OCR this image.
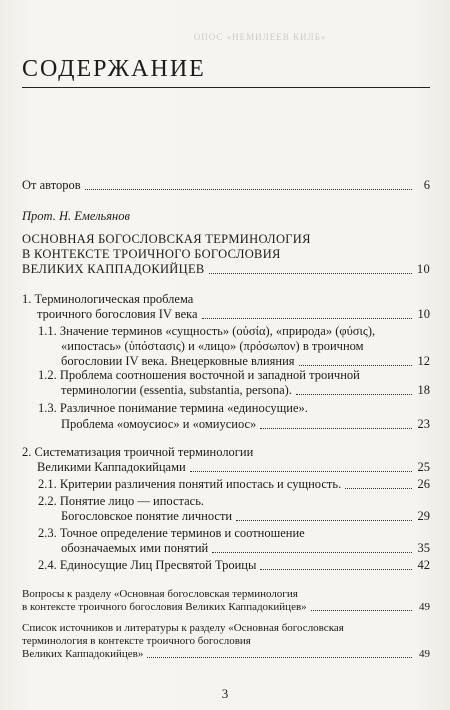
ОПОС «НЕМИЛЕЕВ КИЛБ»
СОДЕРЖАНИЕ
От авторов	6
Прот. Н. Емельянов
ОСНОВНАЯ БОГОСЛОВСКАЯ ТЕРМИНОЛОГИЯ
В КОНТЕКСТЕ ТРОИЧНОГО БОГОСЛОВИЯ
ВЕЛИКИХ КАППАДОКИЙЦЕВ	10
1. Терминологическая проблема
троичного богословия IV века	10
1.1. Значение терминов «сущность» (οὐσία), «природа» (φύσις),
«ипостась» (ὑπόστασις) и «лицо» (πρόσωπον) в троичном
богословии IV века. Внецерковные влияния	12
1.2. Проблема соотношения восточной и западной троичной
терминологии (essentia, substantia, persona).	18
1.3. Различное понимание термина «единосущие».
Проблема «омоусиос» и «омиусиос»	23
2. Систематизация троичной терминологии
Великими Каппадокийцами	25
2.1. Критерии различения понятий ипостась и сущность.	26
2.2. Понятие лицо — ипостась.
Богословское понятие личности	29
2.3. Точное определение терминов и соотношение
обозначаемых ими понятий	35
2.4. Единосущие Лиц Пресвятой Троицы	42
Вопросы к разделу «Основная богословская терминология
в контексте троичного богословия Великих Каппадокийцев»	49
Список источников и литературы к разделу «Основная богословская
терминология в контексте троичного богословия
Великих Каппадокийцев»	49
3
